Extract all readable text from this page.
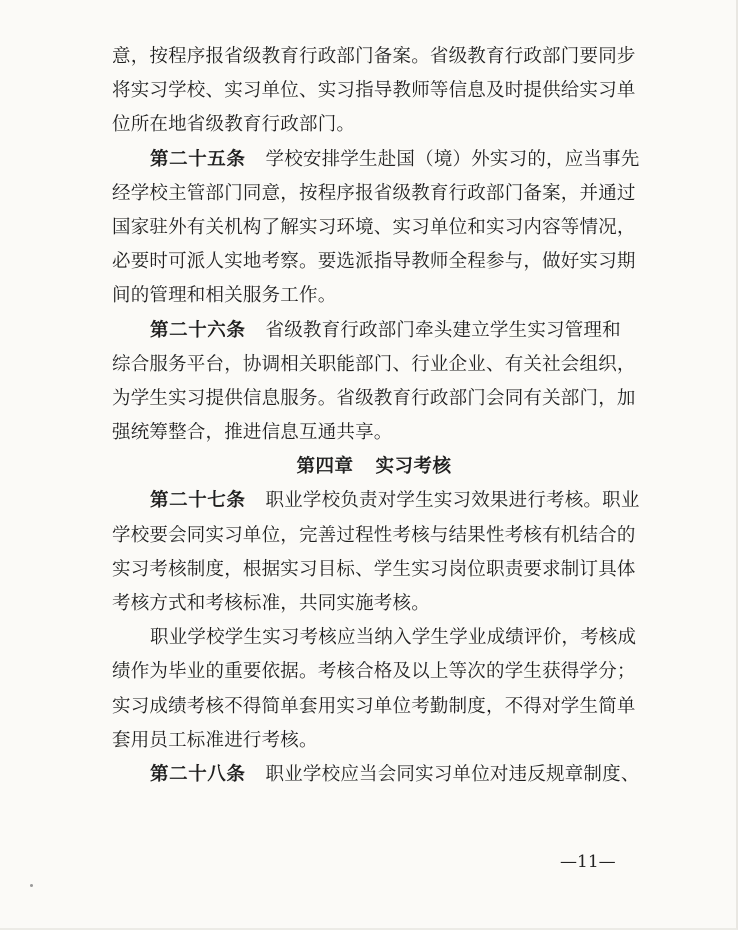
意，按程序报省级教育行政部门备案。省级教育行政部门要同步
将实习学校、实习单位、实习指导教师等信息及时提供给实习单
位所在地省级教育行政部门。
第二十五条 学校安排学生赴国（境）外实习的，应当事先
经学校主管部门同意，按程序报省级教育行政部门备案，并通过
国家驻外有关机构了解实习环境、实习单位和实习内容等情况，
必要时可派人实地考察。要选派指导教师全程参与，做好实习期
间的管理和相关服务工作。
第二十六条 省级教育行政部门牵头建立学生实习管理和
综合服务平台，协调相关职能部门、行业企业、有关社会组织，
为学生实习提供信息服务。省级教育行政部门会同有关部门，加
强统筹整合，推进信息互通共享。
第四章 实习考核
第二十七条 职业学校负责对学生实习效果进行考核。职业
学校要会同实习单位，完善过程性考核与结果性考核有机结合的
实习考核制度，根据实习目标、学生实习岗位职责要求制订具体
考核方式和考核标准，共同实施考核。
职业学校学生实习考核应当纳入学生学业成绩评价，考核成
绩作为毕业的重要依据。考核合格及以上等次的学生获得学分；
实习成绩考核不得简单套用实习单位考勤制度，不得对学生简单
套用员工标准进行考核。
第二十八条 职业学校应当会同实习单位对违反规章制度、
—11—
